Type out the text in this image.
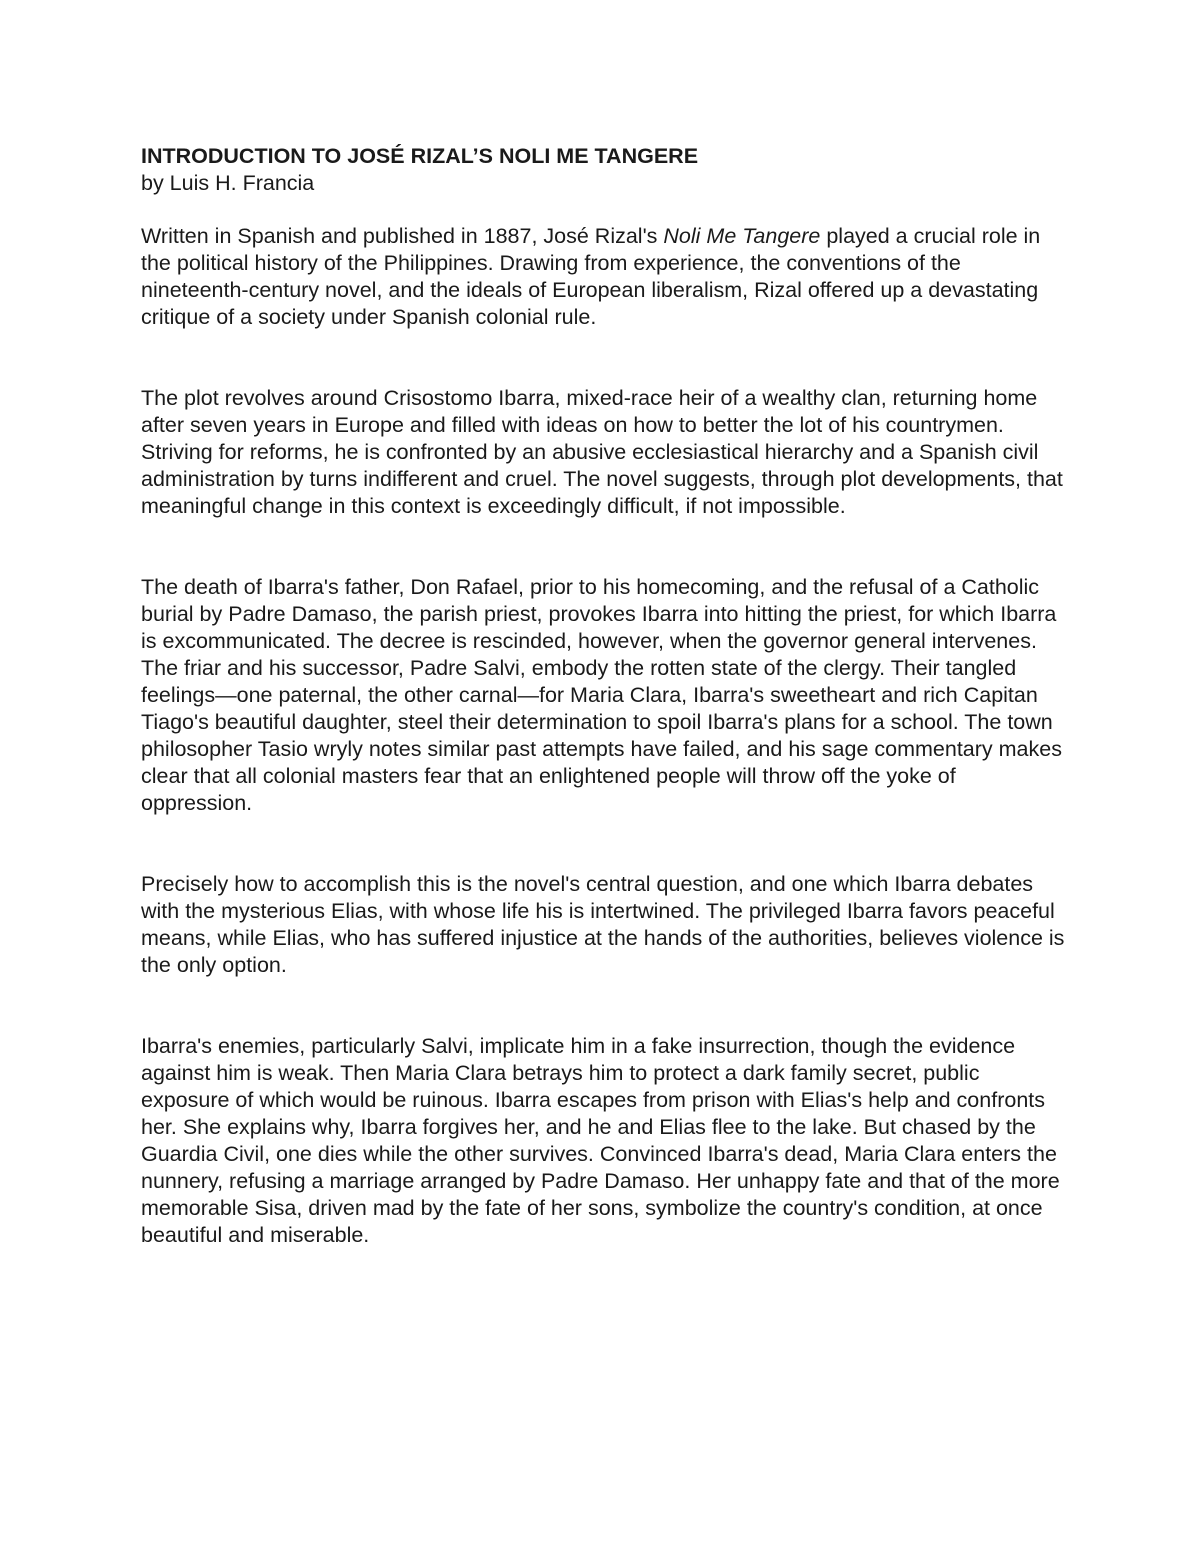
INTRODUCTION TO JOSÉ RIZAL’S NOLI ME TANGERE

by Luis H. Francia

Written in Spanish and published in 1887, José Rizal's Noli Me Tangere played a crucial role in the political history of the Philippines. Drawing from experience, the conventions of the nineteenth-century novel, and the ideals of European liberalism, Rizal offered up a devastating critique of a society under Spanish colonial rule.

The plot revolves around Crisostomo Ibarra, mixed-race heir of a wealthy clan, returning home after seven years in Europe and filled with ideas on how to better the lot of his countrymen. Striving for reforms, he is confronted by an abusive ecclesiastical hierarchy and a Spanish civil administration by turns indifferent and cruel. The novel suggests, through plot developments, that meaningful change in this context is exceedingly difficult, if not impossible.

The death of Ibarra's father, Don Rafael, prior to his homecoming, and the refusal of a Catholic burial by Padre Damaso, the parish priest, provokes Ibarra into hitting the priest, for which Ibarra is excommunicated. The decree is rescinded, however, when the governor general intervenes. The friar and his successor, Padre Salvi, embody the rotten state of the clergy. Their tangled feelings—one paternal, the other carnal—for Maria Clara, Ibarra's sweetheart and rich Capitan Tiago's beautiful daughter, steel their determination to spoil Ibarra's plans for a school. The town philosopher Tasio wryly notes similar past attempts have failed, and his sage commentary makes clear that all colonial masters fear that an enlightened people will throw off the yoke of oppression.

Precisely how to accomplish this is the novel's central question, and one which Ibarra debates with the mysterious Elias, with whose life his is intertwined. The privileged Ibarra favors peaceful means, while Elias, who has suffered injustice at the hands of the authorities, believes violence is the only option.

Ibarra's enemies, particularly Salvi, implicate him in a fake insurrection, though the evidence against him is weak. Then Maria Clara betrays him to protect a dark family secret, public exposure of which would be ruinous. Ibarra escapes from prison with Elias's help and confronts her. She explains why, Ibarra forgives her, and he and Elias flee to the lake. But chased by the Guardia Civil, one dies while the other survives. Convinced Ibarra's dead, Maria Clara enters the nunnery, refusing a marriage arranged by Padre Damaso. Her unhappy fate and that of the more memorable Sisa, driven mad by the fate of her sons, symbolize the country's condition, at once beautiful and miserable.
